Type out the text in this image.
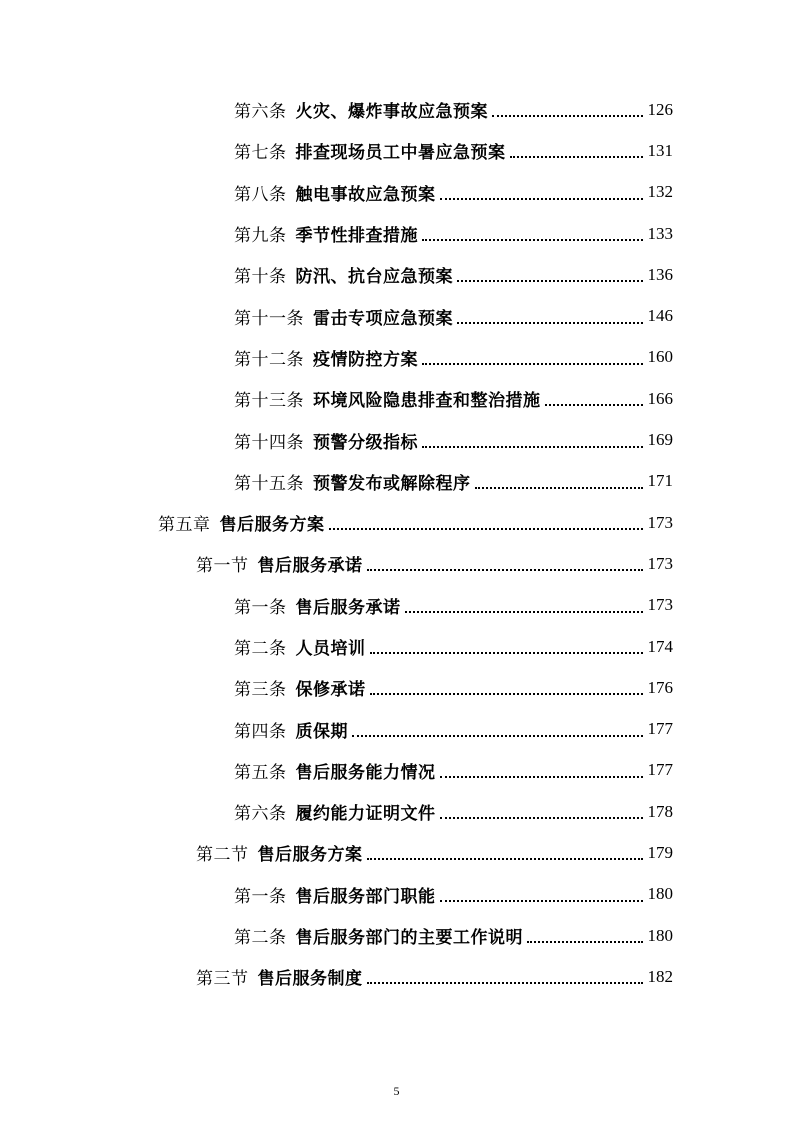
第六条 火灾、爆炸事故应急预案	126
第七条 排查现场员工中暑应急预案	131
第八条 触电事故应急预案	132
第九条 季节性排查措施	133
第十条 防汛、抗台应急预案	136
第十一条 雷击专项应急预案	146
第十二条 疫情防控方案	160
第十三条 环境风险隐患排查和整治措施	166
第十四条 预警分级指标	169
第十五条 预警发布或解除程序	171
第五章 售后服务方案	173
第一节 售后服务承诺	173
第一条 售后服务承诺	173
第二条 人员培训	174
第三条 保修承诺	176
第四条 质保期	177
第五条 售后服务能力情况	177
第六条 履约能力证明文件	178
第二节 售后服务方案	179
第一条 售后服务部门职能	180
第二条 售后服务部门的主要工作说明	180
第三节 售后服务制度	182
5
